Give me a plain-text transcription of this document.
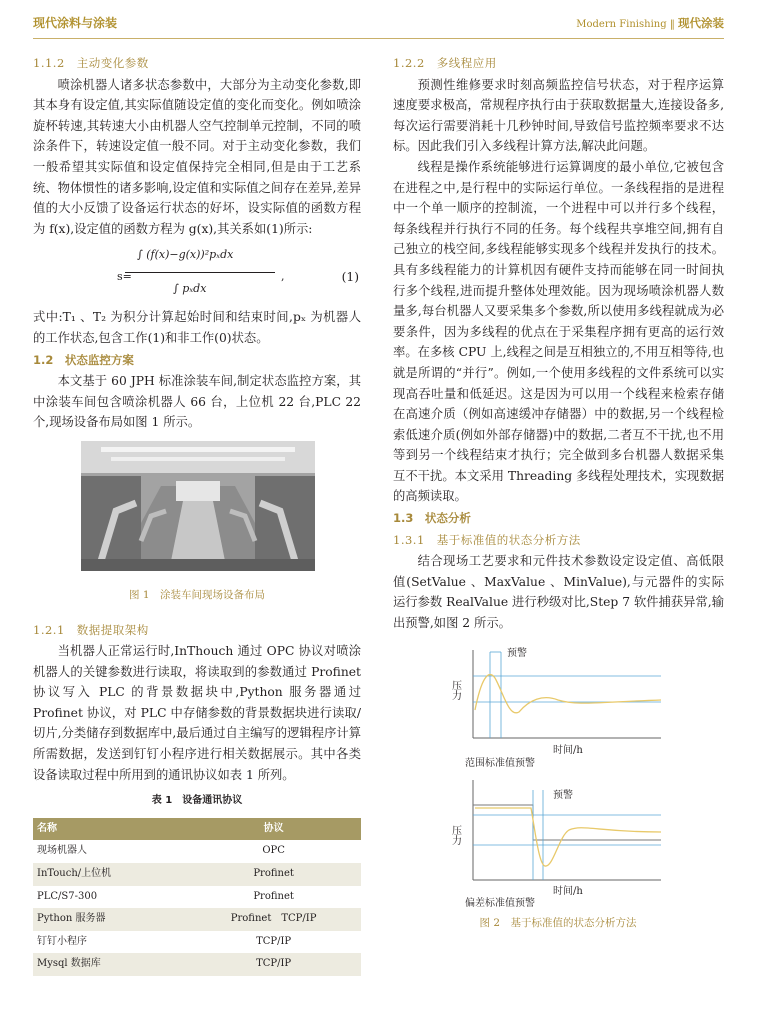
现代涂料与涂装	Modern Finishing ‖ 现代涂装
1.1.2　主动变化参数

喷涂机器人诸多状态参数中，大部分为主动变化参数,即其本身有设定值,其实际值随设定值的变化而变化。例如喷涂旋杯转速,其转速大小由机器人空气控制单元控制，不同的喷涂条件下，转速设定值一般不同。对于主动变化参数，我们一般希望其实际值和设定值保持完全相同,但是由于工艺系统、物体惯性的诸多影响,设定值和实际值之间存在差异,差异值的大小反馈了设备运行状态的好坏，设实际值的函数方程为 f(x),设定值的函数方程为 g(x),其关系如(1)所示:

s=
∫ (f(x)−g(x))²pₓdx
∫ pₓdx
,	(1)

式中:T₁ 、T₂ 为积分计算起始时间和结束时间,pₓ 为机器人的工作状态,包含工作(1)和非工作(0)状态。

1.2　状态监控方案

本文基于 60 JPH 标准涂装车间,制定状态监控方案，其中涂装车间包含喷涂机器人 66 台，上位机 22 台,PLC 22 个,现场设备布局如图 1 所示。

图 1　涂装车间现场设备布局
1.2.1　数据提取架构

当机器人正常运行时,InThouch 通过 OPC 协议对喷涂机器人的关键参数进行读取，将读取到的参数通过 Profinet 协议写入 PLC 的背景数据块中,Python 服务器通过 Profinet 协议，对 PLC 中存储参数的背景数据块进行读取/切片,分类储存到数据库中,最后通过自主编写的逻辑程序计算所需数据，发送到钉钉小程序进行相关数据展示。其中各类设备读取过程中所用到的通讯协议如表 1 所列。

表 1　设备通讯协议
名称	协议
现场机器人	OPC
InTouch/上位机	Profinet
PLC/S7-300	Profinet
Python 服务器	Profinet　TCP/IP
钉钉小程序	TCP/IP
Mysql 数据库	TCP/IP
1.2.2　多线程应用

预测性维修要求时刻高频监控信号状态，对于程序运算速度要求极高，常规程序执行由于获取数据量大,连接设备多,每次运行需要消耗十几秒钟时间,导致信号监控频率要求不达标。因此我们引入多线程计算方法,解决此问题。

线程是操作系统能够进行运算调度的最小单位,它被包含在进程之中,是行程中的实际运行单位。一条线程指的是进程中一个单一顺序的控制流，一个进程中可以并行多个线程，每条线程并行执行不同的任务。每个线程共享堆空间,拥有自己独立的栈空间,多线程能够实现多个线程并发执行的技术。具有多线程能力的计算机因有硬件支持而能够在同一时间执行多个线程,进而提升整体处理效能。因为现场喷涂机器人数量多,每台机器人又要采集多个参数,所以使用多线程就成为必要条件，因为多线程的优点在于采集程序拥有更高的运行效率。在多核 CPU 上,线程之间是互相独立的,不用互相等待,也就是所谓的“并行”。例如,一个使用多线程的文件系统可以实现高吞吐量和低延迟。这是因为可以用一个线程来检索存储在高速介质（例如高速缓冲存储器）中的数据,另一个线程检索低速介质(例如外部存储器)中的数据,二者互不干扰,也不用等到另一个线程结束才执行；完全做到多台机器人数据采集互不干扰。本文采用 Threading 多线程处理技术，实现数据的高频读取。

1.3　状态分析
1.3.1　基于标准值的状态分析方法

结合现场工艺要求和元件技术参数设定设定值、高低限值(SetValue 、MaxValue 、MinValue),与元器件的实际运行参数 RealValue 进行秒级对比,Step 7 软件捕获异常,输出预警,如图 2 所示。

预警
压力
时间/h
范围标准值预警
预警
压力
时间/h
偏差标准值预警
图 2　基于标准值的状态分析方法
